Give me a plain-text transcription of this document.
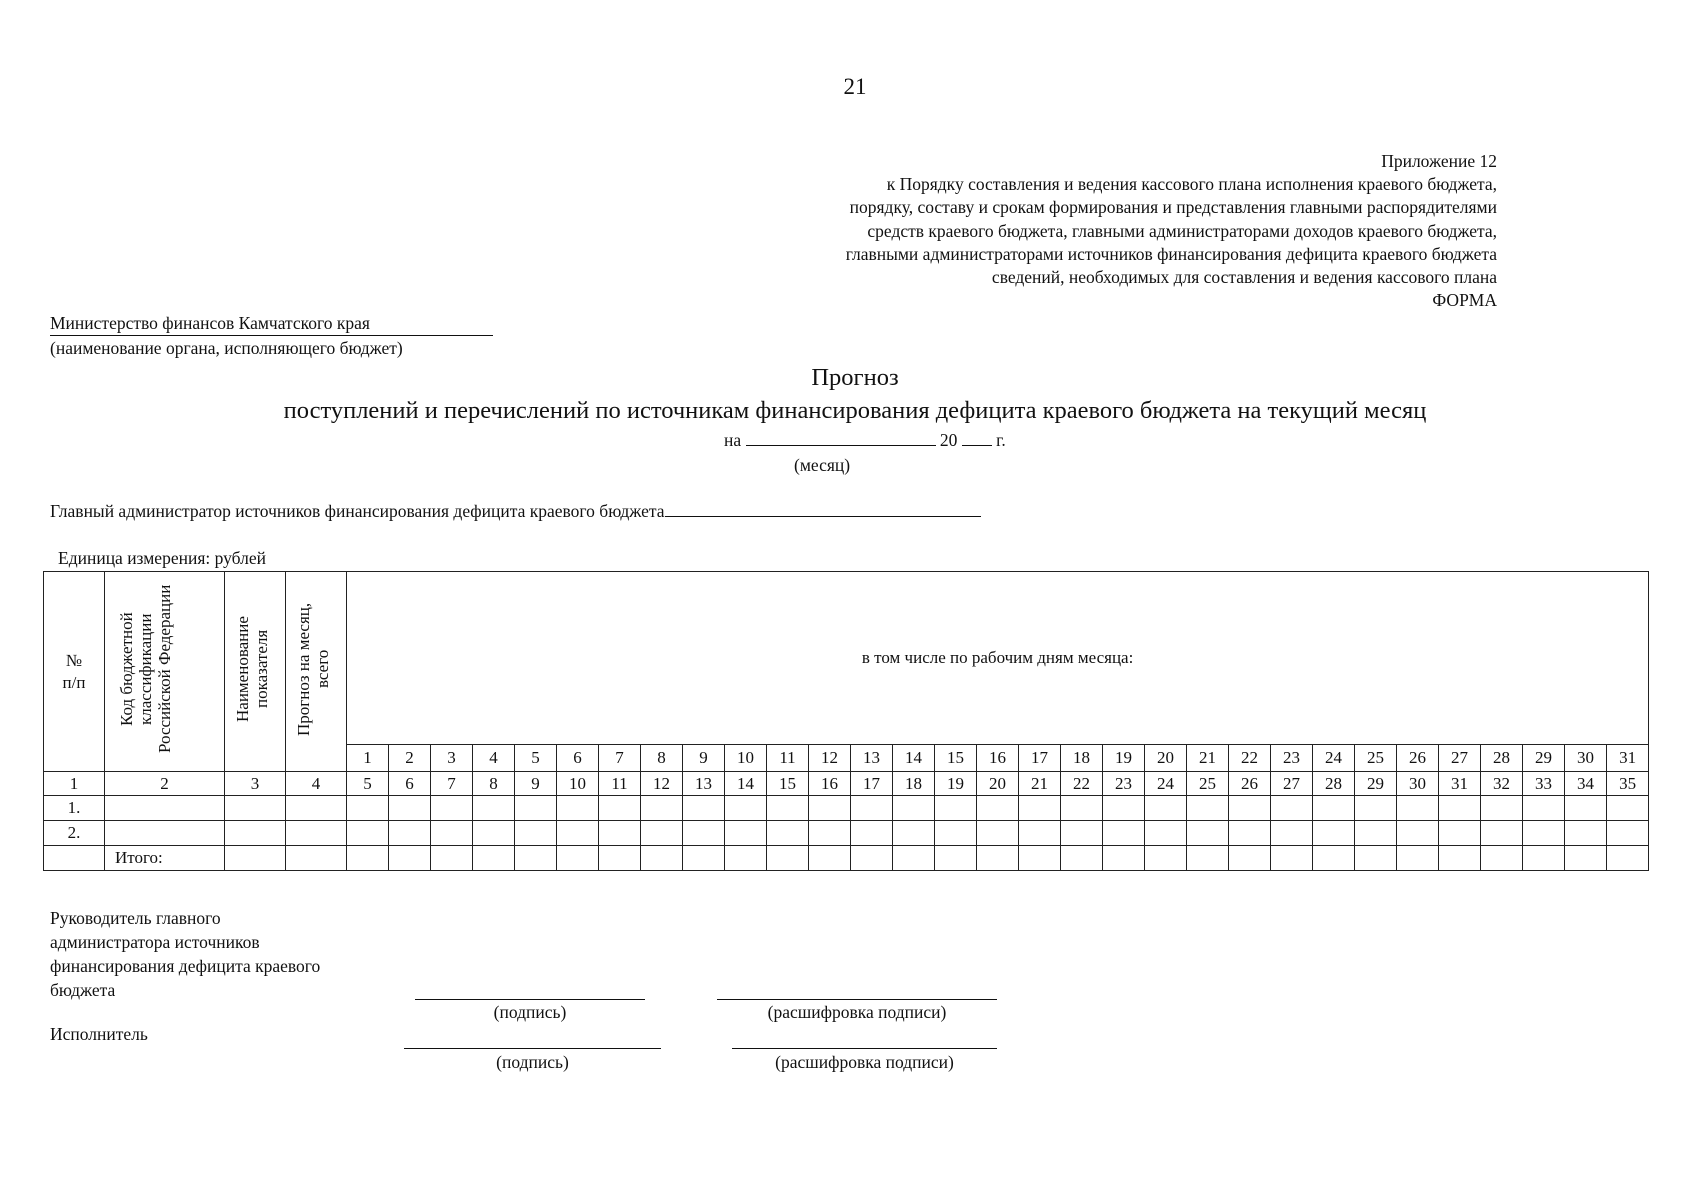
21
Приложение 12
к Порядку составления и ведения кассового плана исполнения краевого бюджета,
порядку, составу и срокам формирования и представления главными распорядителями
средств краевого бюджета, главными администраторами доходов краевого бюджета,
главными администраторами источников финансирования дефицита краевого бюджета
сведений, необходимых для составления и ведения кассового плана
ФОРМА
Министерство финансов Камчатского края
(наименование органа, исполняющего бюджет)
Прогноз
поступлений и перечислений по источникам финансирования дефицита краевого бюджета на текущий месяц
на	20 г.
(месяц)
Главный администратор источников финансирования дефицита краевого бюджета
Единица измерения: рублей
№ п/п	Код бюджетной классификации Российской Федерации	Наименование показателя	Прогноз на месяц, всего	в том числе по рабочим дням месяца:																														
				1	2	3	4	5	6	7	8	9	10	11	12	13	14	15	16	17	18	19	20	21	22	23	24	25	26	27	28	29	30	31
1	2	3	4	5	6	7	8	9	10	11	12	13	14	15	16	17	18	19	20	21	22	23	24	25	26	27	28	29	30	31	32	33	34	35
1.																																		
2.																																		
	Итого:																																	
Руководитель главного
администратора источников
финансирования дефицита краевого
бюджета
(подпись)	(расшифровка подписи)
Исполнитель
(подпись)	(расшифровка подписи)
